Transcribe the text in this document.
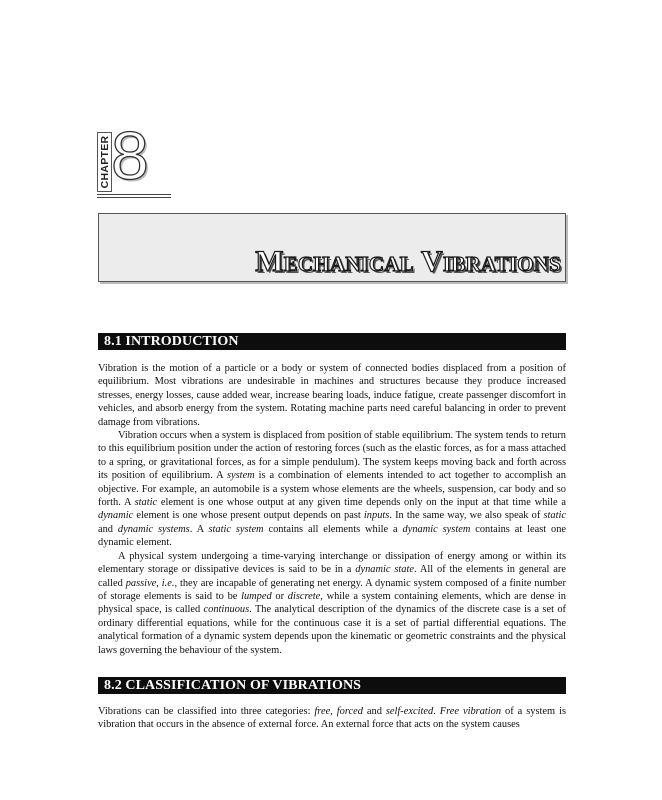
CHAPTER 8
Mechanical Vibrations
8.1 INTRODUCTION

Vibration is the motion of a particle or a body or system of connected bodies displaced from a position of equilibrium. Most vibrations are undesirable in machines and structures because they produce increased stresses, energy losses, cause added wear, increase bearing loads, induce fatigue, create passenger discomfort in vehicles, and absorb energy from the system. Rotating machine parts need careful balancing in order to prevent damage from vibrations.

Vibration occurs when a system is displaced from position of stable equilibrium. The system tends to return to this equilibrium position under the action of restoring forces (such as the elastic forces, as for a mass attached to a spring, or gravitational forces, as for a simple pendulum). The system keeps moving back and forth across its position of equilibrium. A system is a combination of elements intended to act together to accomplish an objective. For example, an automobile is a system whose elements are the wheels, suspension, car body and so forth. A static element is one whose output at any given time depends only on the input at that time while a dynamic element is one whose present output depends on past inputs. In the same way, we also speak of static and dynamic systems. A static system contains all elements while a dynamic system contains at least one dynamic element.

A physical system undergoing a time-varying interchange or dissipation of energy among or within its elementary storage or dissipative devices is said to be in a dynamic state. All of the elements in general are called passive, i.e., they are incapable of generating net energy. A dynamic system composed of a finite number of storage elements is said to be lumped or discrete, while a system containing elements, which are dense in physical space, is called continuous. The analytical description of the dynamics of the discrete case is a set of ordinary differential equations, while for the continuous case it is a set of partial differential equations. The analytical formation of a dynamic system depends upon the kinematic or geometric constraints and the physical laws governing the behaviour of the system.

8.2 CLASSIFICATION OF VIBRATIONS

Vibrations can be classified into three categories: free, forced and self-excited. Free vibration of a system is vibration that occurs in the absence of external force. An external force that acts on the system causes
